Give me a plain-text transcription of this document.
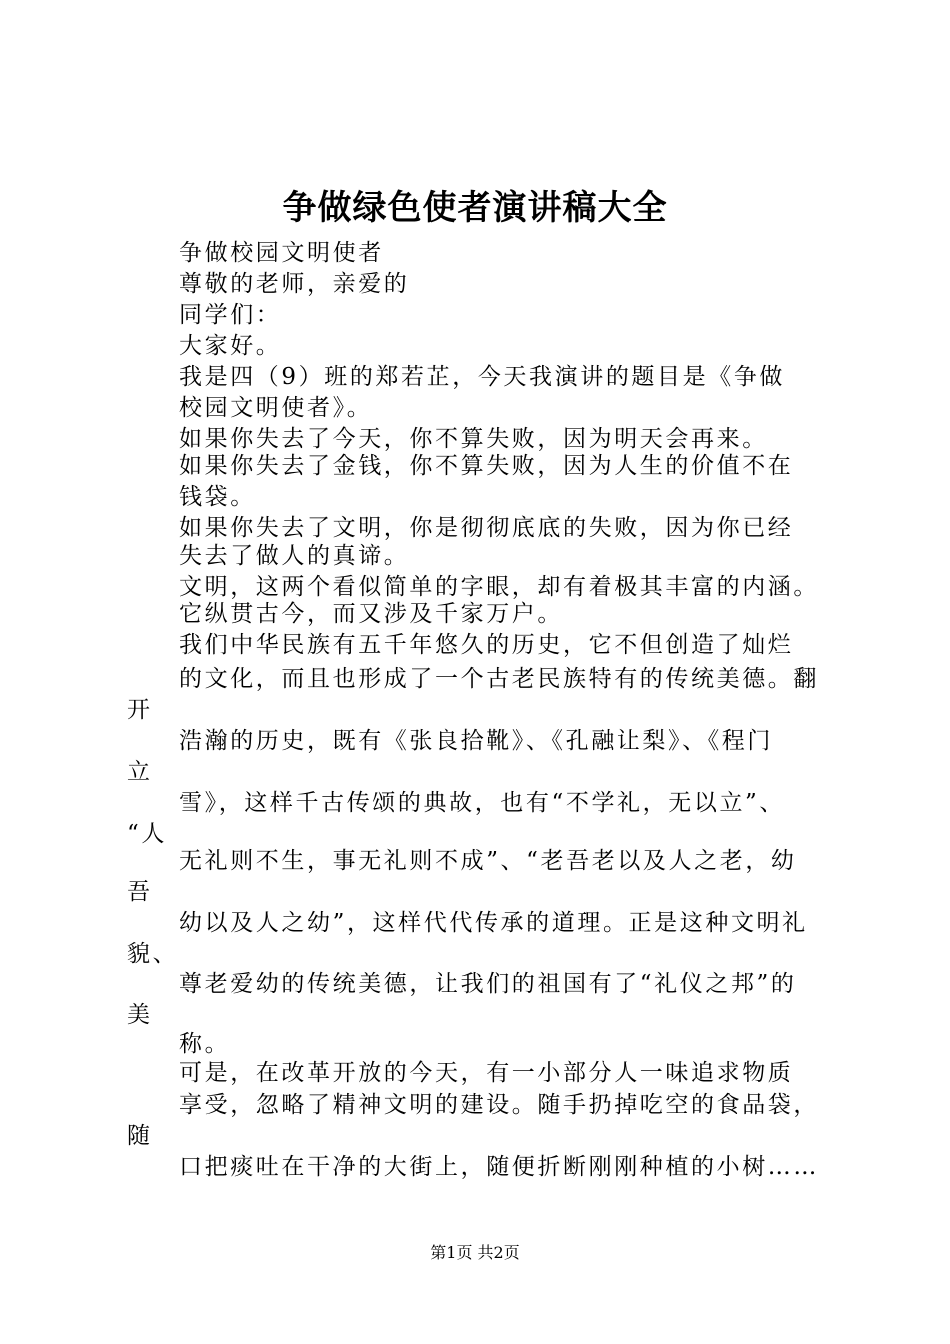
争做绿色使者演讲稿大全
争做校园文明使者
尊敬的老师，亲爱的
同学们：
大家好。
我是四（9）班的郑若芷，今天我演讲的题目是《争做
校园文明使者》。
如果你失去了今天，你不算失败，因为明天会再来。
如果你失去了金钱，你不算失败，因为人生的价值不在
钱袋。
如果你失去了文明，你是彻彻底底的失败，因为你已经
失去了做人的真谛。
文明，这两个看似简单的字眼，却有着极其丰富的内涵。
它纵贯古今，而又涉及千家万户。
我们中华民族有五千年悠久的历史，它不但创造了灿烂
的文化，而且也形成了一个古老民族特有的传统美德。翻
开
浩瀚的历史，既有《张良拾靴》、《孔融让梨》、《程门
立
雪》，这样千古传颂的典故，也有“不学礼，无以立”、
“人
无礼则不生，事无礼则不成”、“老吾老以及人之老，幼
吾
幼以及人之幼”，这样代代传承的道理。正是这种文明礼
貌、
尊老爱幼的传统美德，让我们的祖国有了“礼仪之邦”的
美
称。
可是，在改革开放的今天，有一小部分人一味追求物质
享受，忽略了精神文明的建设。随手扔掉吃空的食品袋，
随
口把痰吐在干净的大街上，随便折断刚刚种植的小树……
第1页 共2页
